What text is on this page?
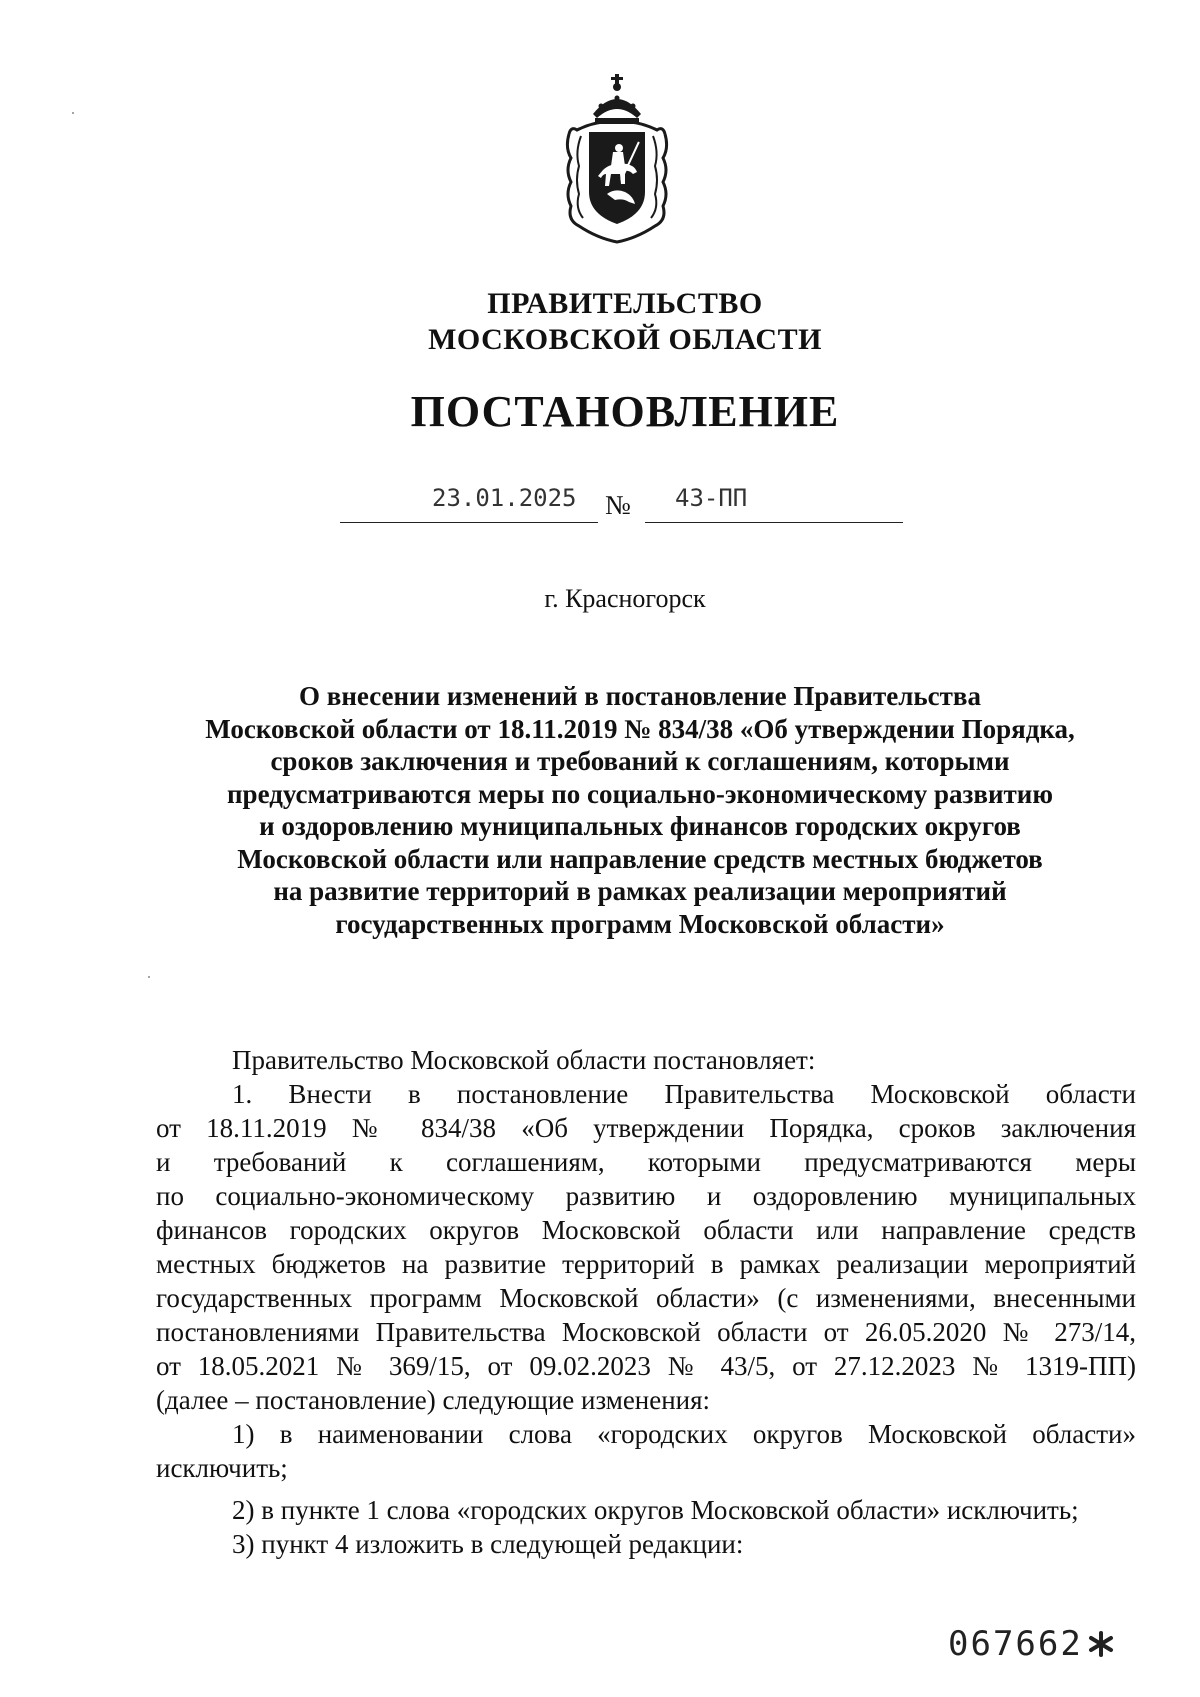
ПРАВИТЕЛЬСТВО
МОСКОВСКОЙ ОБЛАСТИ
ПОСТАНОВЛЕНИЕ
23.01.2025 № 43-ПП
г. Красногорск
О внесении изменений в постановление Правительства
Московской области от 18.11.2019 № 834/38 «Об утверждении Порядка,
сроков заключения и требований к соглашениям, которыми
предусматриваются меры по социально-экономическому развитию
и оздоровлению муниципальных финансов городских округов
Московской области или направление средств местных бюджетов
на развитие территорий в рамках реализации мероприятий
государственных программ Московской области»
Правительство Московской области постановляет:
1. Внести в постановление Правительства Московской области
от 18.11.2019 № 834/38 «Об утверждении Порядка, сроков заключения
и требований к соглашениям, которыми предусматриваются меры
по социально-экономическому развитию и оздоровлению муниципальных
финансов городских округов Московской области или направление средств
местных бюджетов на развитие территорий в рамках реализации мероприятий
государственных программ Московской области» (с изменениями, внесенными
постановлениями Правительства Московской области от 26.05.2020 № 273/14,
от 18.05.2021 № 369/15, от 09.02.2023 № 43/5, от 27.12.2023 № 1319-ПП)
(далее – постановление) следующие изменения:
1) в наименовании слова «городских округов Московской области»
исключить;
2) в пункте 1 слова «городских округов Московской области» исключить;
3) пункт 4 изложить в следующей редакции:
067662
